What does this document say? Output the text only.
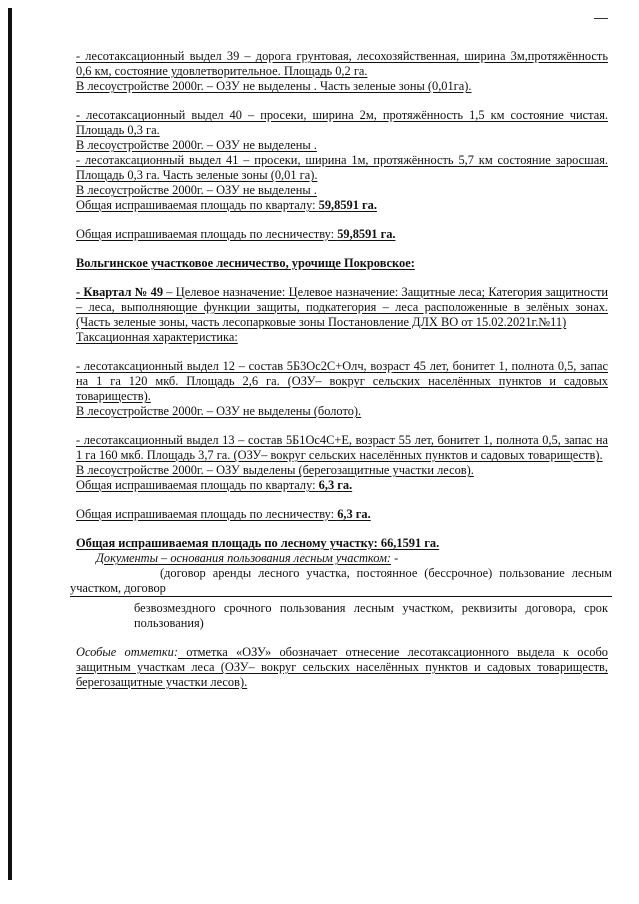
- лесотаксационный выдел 39 – дорога грунтовая, лесохозяйственная, ширина 3м,протяжённость 0,6 км, состояние удовлетворительное. Площадь 0,2 га.

В лесоустройстве 2000г. – ОЗУ не выделены . Часть зеленые зоны (0,01га).

- лесотаксационный выдел 40 – просеки, ширина 2м, протяжённость 1,5 км состояние чистая. Площадь 0,3 га.

В лесоустройстве 2000г. – ОЗУ не выделены .

- лесотаксационный выдел 41 – просеки, ширина 1м, протяжённость 5,7 км состояние заросшая. Площадь 0,3 га. Часть зеленые зоны (0,01 га).

В лесоустройстве 2000г. – ОЗУ не выделены .

Общая испрашиваемая площадь по кварталу: 59,8591 га.

Общая испрашиваемая площадь по лесничеству: 59,8591 га.

Вольгинское участковое лесничество, урочище Покровское:

- Квартал № 49 – Целевое назначение: Целевое назначение: Защитные леса; Категория защитности – леса, выполняющие функции защиты, подкатегория – леса расположенные в зелёных зонах. (Часть зеленые зоны, часть лесопарковые зоны Постановление ДЛХ ВО от 15.02.2021г.№11)

Таксационная характеристика:

- лесотаксационный выдел 12 – состав 5Б3Ос2С+Олч, возраст 45 лет, бонитет 1, полнота 0,5, запас на 1 га 120 мкб. Площадь 2,6 га. (ОЗУ– вокруг сельских населённых пунктов и садовых товариществ).

В лесоустройстве 2000г. – ОЗУ не выделены (болото).

- лесотаксационный выдел 13 – состав 5Б1Ос4С+Е, возраст 55 лет, бонитет 1, полнота 0,5, запас на 1 га 160 мкб. Площадь 3,7 га. (ОЗУ– вокруг сельских населённых пунктов и садовых товариществ).

В лесоустройстве 2000г. – ОЗУ выделены (берегозащитные участки лесов).

Общая испрашиваемая площадь по кварталу: 6,3 га.

Общая испрашиваемая площадь по лесничеству: 6,3 га.

Общая испрашиваемая площадь по лесному участку: 66,1591 га.

Документы – основания пользования лесным участком: -

(договор аренды лесного участка, постоянное (бессрочное) пользование лесным участком, договор

безвозмездного срочного пользования лесным участком, реквизиты договора, срок пользования)

Особые отметки: отметка «ОЗУ» обозначает отнесение лесотаксационного выдела к особо защитным участкам леса (ОЗУ– вокруг сельских населённых пунктов и садовых товариществ, берегозащитные участки лесов).
